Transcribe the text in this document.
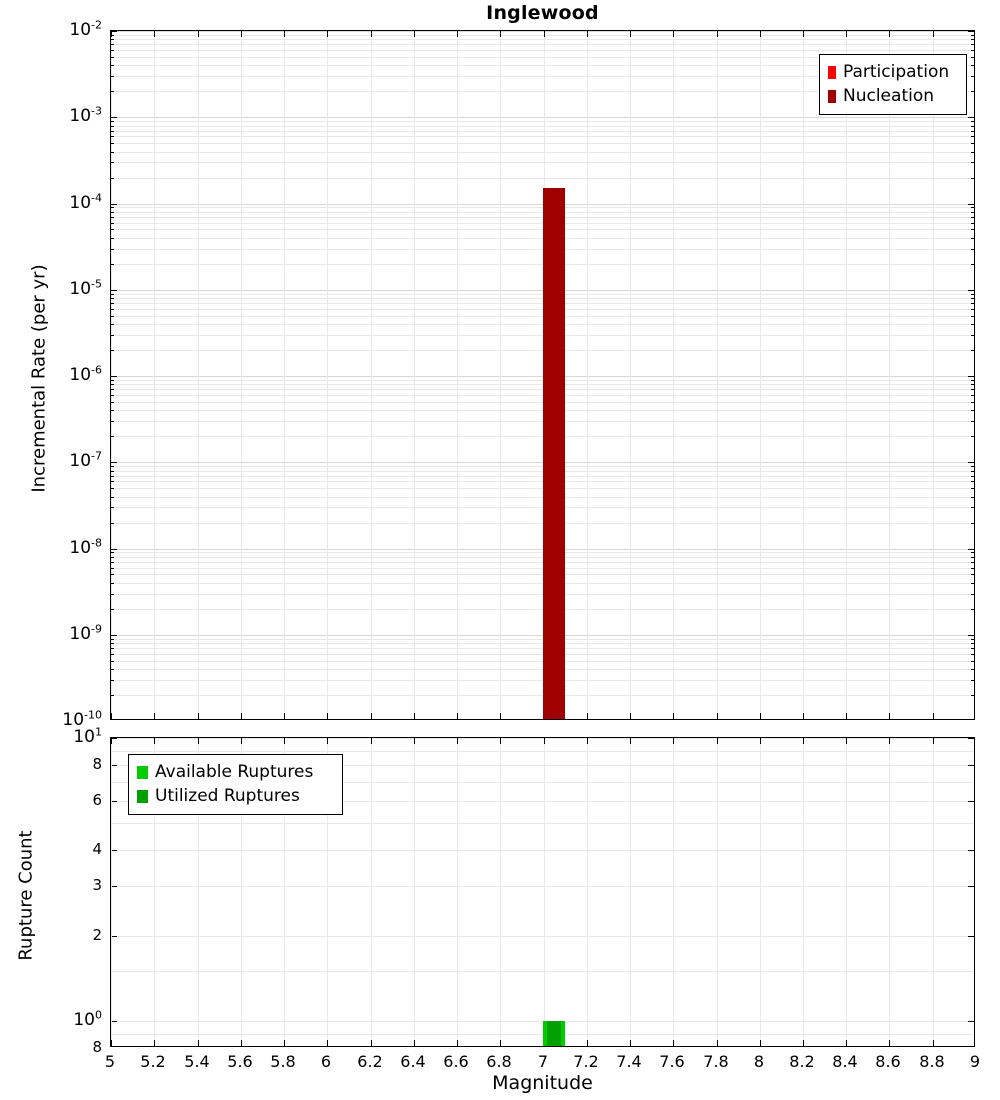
Inglewood
Participation
Nucleation
Incremental Rate (per yr)
Available Ruptures
Utilized Ruptures
Rupture Count
Magnitude
$10^{-2}$
$10^{-3}$
$10^{-4}$
$10^{-5}$
$10^{-6}$
$10^{-7}$
$10^{-8}$
$10^{-9}$
$10^{-10}$
$10^1$
8
6
4
3
2
$10^0$
8
5 5.2 5.4 5.6 5.8 6 6.2 6.4 6.6 6.8 7 7.2 7.4 7.6 7.8 8 8.2 8.4 8.6 8.8 9
